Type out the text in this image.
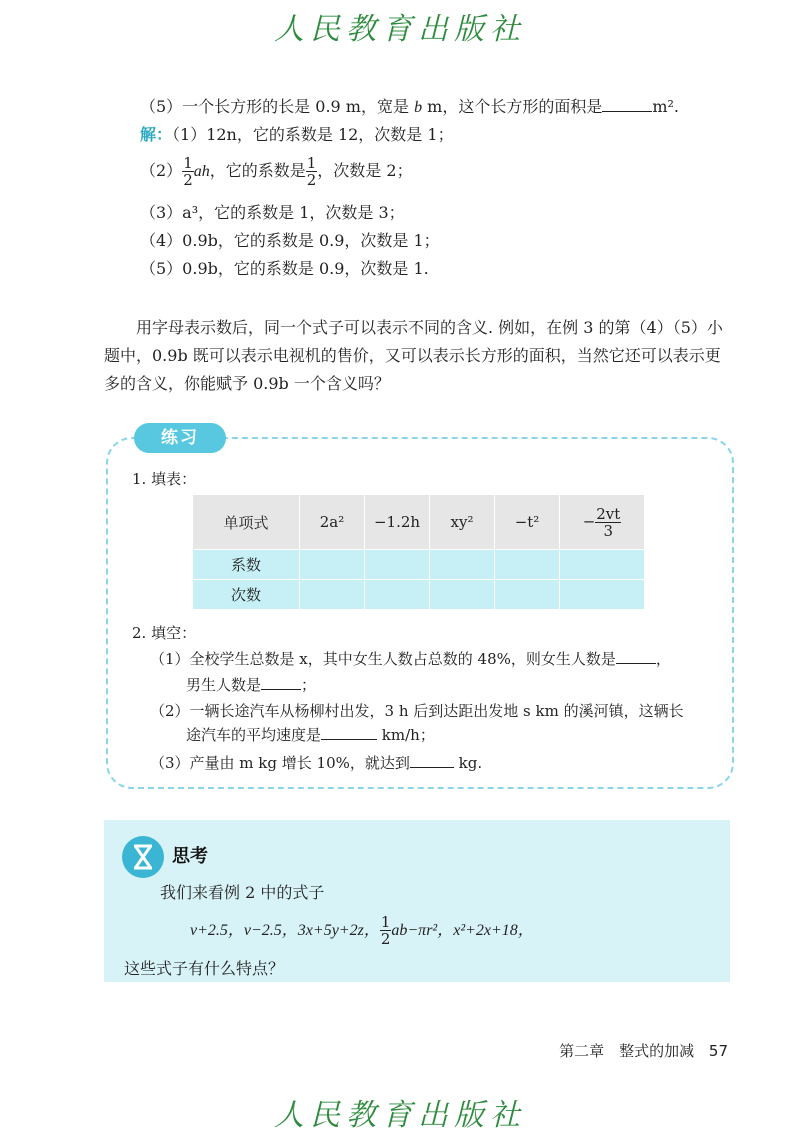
人民教育出版社
（5）一个长方形的长是 0.9 m，宽是 b m，这个长方形的面积是	m².
解：（1）12n，它的系数是 12，次数是 1；
$(2) \frac{1}{2}$ ah，它的系数是 $\frac{1}{2}$ ，次数是 2；
（3）a³，它的系数是 1，次数是 3；
（4）0.9b，它的系数是 0.9，次数是 1；
（5）0.9b，它的系数是 0.9，次数是 1.
用字母表示数后，同一个式子可以表示不同的含义. 例如，在例 3 的第（4）（5）小题中，0.9b 既可以表示电视机的售价，又可以表示长方形的面积，当然它还可以表示更多的含义，你能赋予 0.9b 一个含义吗？
练习
1. 填表：
单项式	2a²	−1.2h	xy²	−t²	− $\frac{2vt}{3}$

系数					
次数					
2. 填空：
（1）全校学生总数是 x，其中女生人数占总数的 48%，则女生人数是	，
男生人数是	；
（2）一辆长途汽车从杨柳村出发，3 h 后到达距出发地 s km 的溪河镇，这辆长
途汽车的平均速度是	km/h；
（3）产量由 m kg 增长 10%，就达到	kg.
思考
我们来看例 2 中的式子
v+2.5，v−2.5，3x+5y+2z， $\frac{1}{2} ab-\pi r^2$，x²+2x+18，
这些式子有什么特点？
第二章　整式的加减 57
人民教育出版社
